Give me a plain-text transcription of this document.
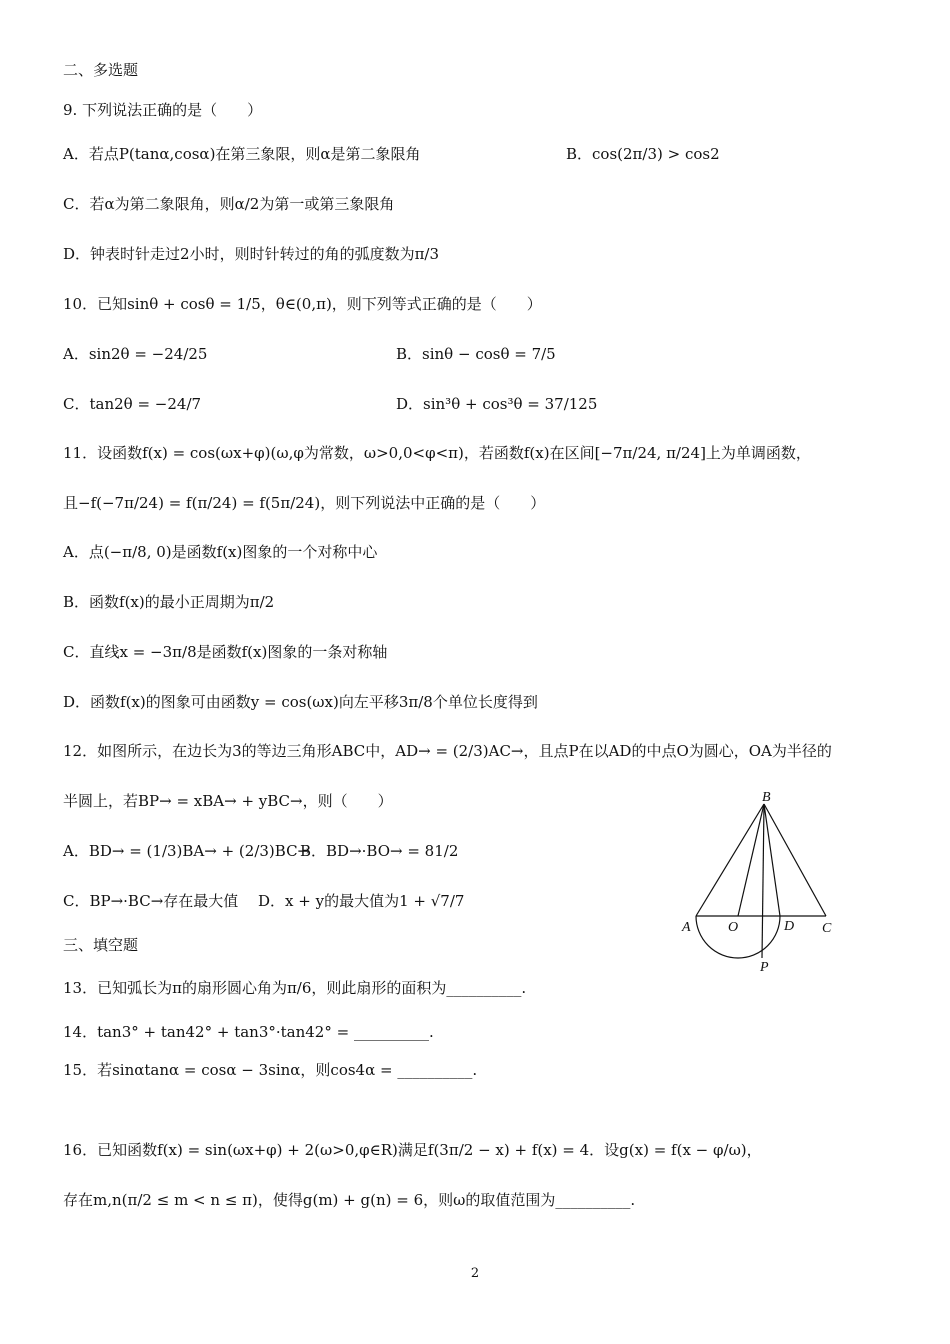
二、多选题
9. 下列说法正确的是（　　）
A．若点P(tanα,cosα)在第三象限，则α是第二象限角	B．cos(2π/3) > cos2
C．若α为第二象限角，则α/2为第一或第三象限角
D．钟表时针走过2小时，则时针转过的角的弧度数为π/3
10．已知sinθ + cosθ = 1/5，θ∈(0,π)，则下列等式正确的是（　　）
A．sin2θ = −24/25	B．sinθ − cosθ = 7/5
C．tan2θ = −24/7	D．sin³θ + cos³θ = 37/125
11．设函数f(x) = cos(ωx+φ)(ω,φ为常数，ω>0,0<φ<π)，若函数f(x)在区间[−7π/24, π/24]上为单调函数，
且−f(−7π/24) = f(π/24) = f(5π/24)，则下列说法中正确的是（　　）
A．点(−π/8, 0)是函数f(x)图象的一个对称中心
B．函数f(x)的最小正周期为π/2
C．直线x = −3π/8是函数f(x)图象的一条对称轴
D．函数f(x)的图象可由函数y = cos(ωx)向左平移3π/8个单位长度得到
12．如图所示，在边长为3的等边三角形ABC中，AD→ = (2/3)AC→，且点P在以AD的中点O为圆心，OA为半径的
半圆上，若BP→ = xBA→ + yBC→，则（　　）
A．BD→ = (1/3)BA→ + (2/3)BC→
B．BD→·BO→ = 81/2
C．BP→·BC→存在最大值 D．x + y的最大值为1 + √7/7
B
A	O	D C
P
三、填空题
13．已知弧长为π的扇形圆心角为π/6，则此扇形的面积为__________.
14．tan3° + tan42° + tan3°·tan42° = __________.
15．若sinαtanα = cosα − 3sinα，则cos4α = __________.
16．已知函数f(x) = sin(ωx+φ) + 2(ω>0,φ∈R)满足f(3π/2 − x) + f(x) = 4．设g(x) = f(x − φ/ω)，
存在m,n(π/2 ≤ m < n ≤ π)，使得g(m) + g(n) = 6，则ω的取值范围为__________.
2
